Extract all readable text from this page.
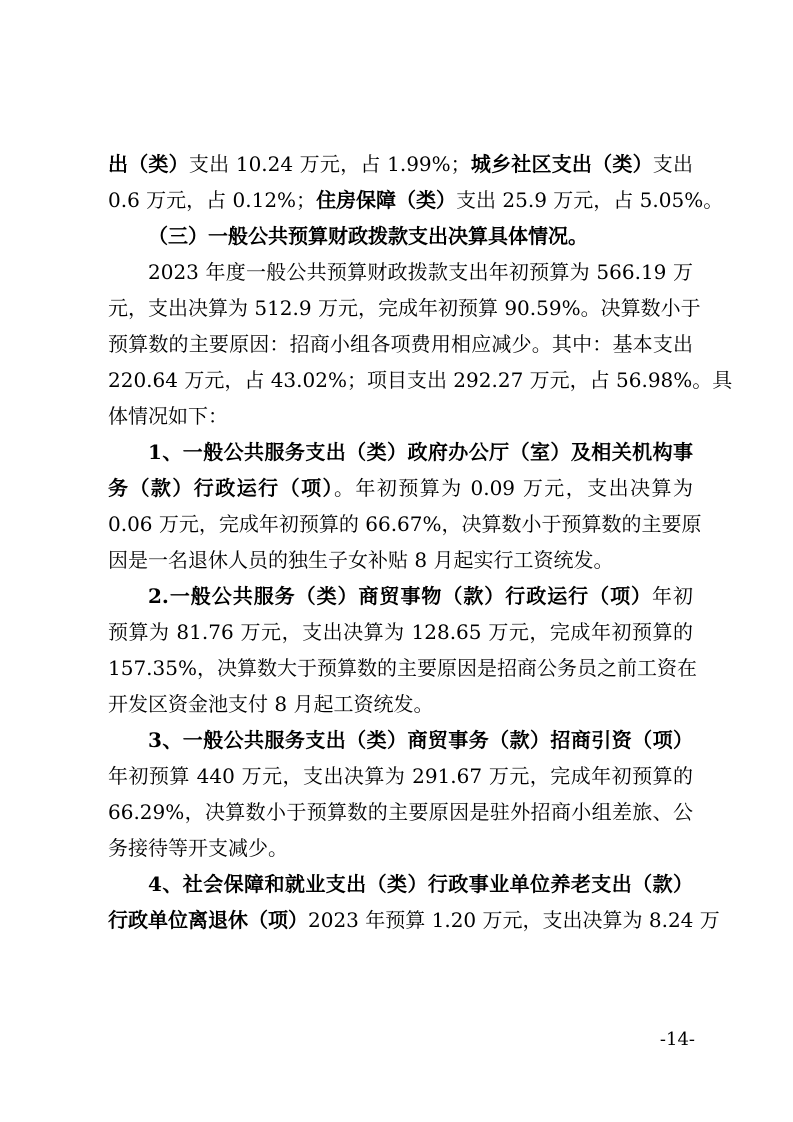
出（类）支出 10.24 万元，占 1.99%；城乡社区支出（类）支出
0.6 万元，占 0.12%；住房保障（类）支出 25.9 万元，占 5.05%。
（三）一般公共预算财政拨款支出决算具体情况。
2023 年度一般公共预算财政拨款支出年初预算为 566.19 万
元，支出决算为 512.9 万元，完成年初预算 90.59%。决算数小于
预算数的主要原因：招商小组各项费用相应减少。其中：基本支出
220.64 万元，占 43.02%；项目支出 292.27 万元，占 56.98%。具
体情况如下：
1、一般公共服务支出（类）政府办公厅（室）及相关机构事
务（款）行政运行（项）。年初预算为 0.09 万元，支出决算为
0.06 万元，完成年初预算的 66.67%，决算数小于预算数的主要原
因是一名退休人员的独生子女补贴 8 月起实行工资统发。
2.一般公共服务（类）商贸事物（款）行政运行（项）年初
预算为 81.76 万元，支出决算为 128.65 万元，完成年初预算的
157.35%，决算数大于预算数的主要原因是招商公务员之前工资在
开发区资金池支付 8 月起工资统发。
3、一般公共服务支出（类）商贸事务（款）招商引资（项）
年初预算 440 万元，支出决算为 291.67 万元，完成年初预算的
66.29%，决算数小于预算数的主要原因是驻外招商小组差旅、公
务接待等开支减少。
4、社会保障和就业支出（类）行政事业单位养老支出（款）
行政单位离退休（项）2023 年预算 1.20 万元，支出决算为 8.24 万
-14-
